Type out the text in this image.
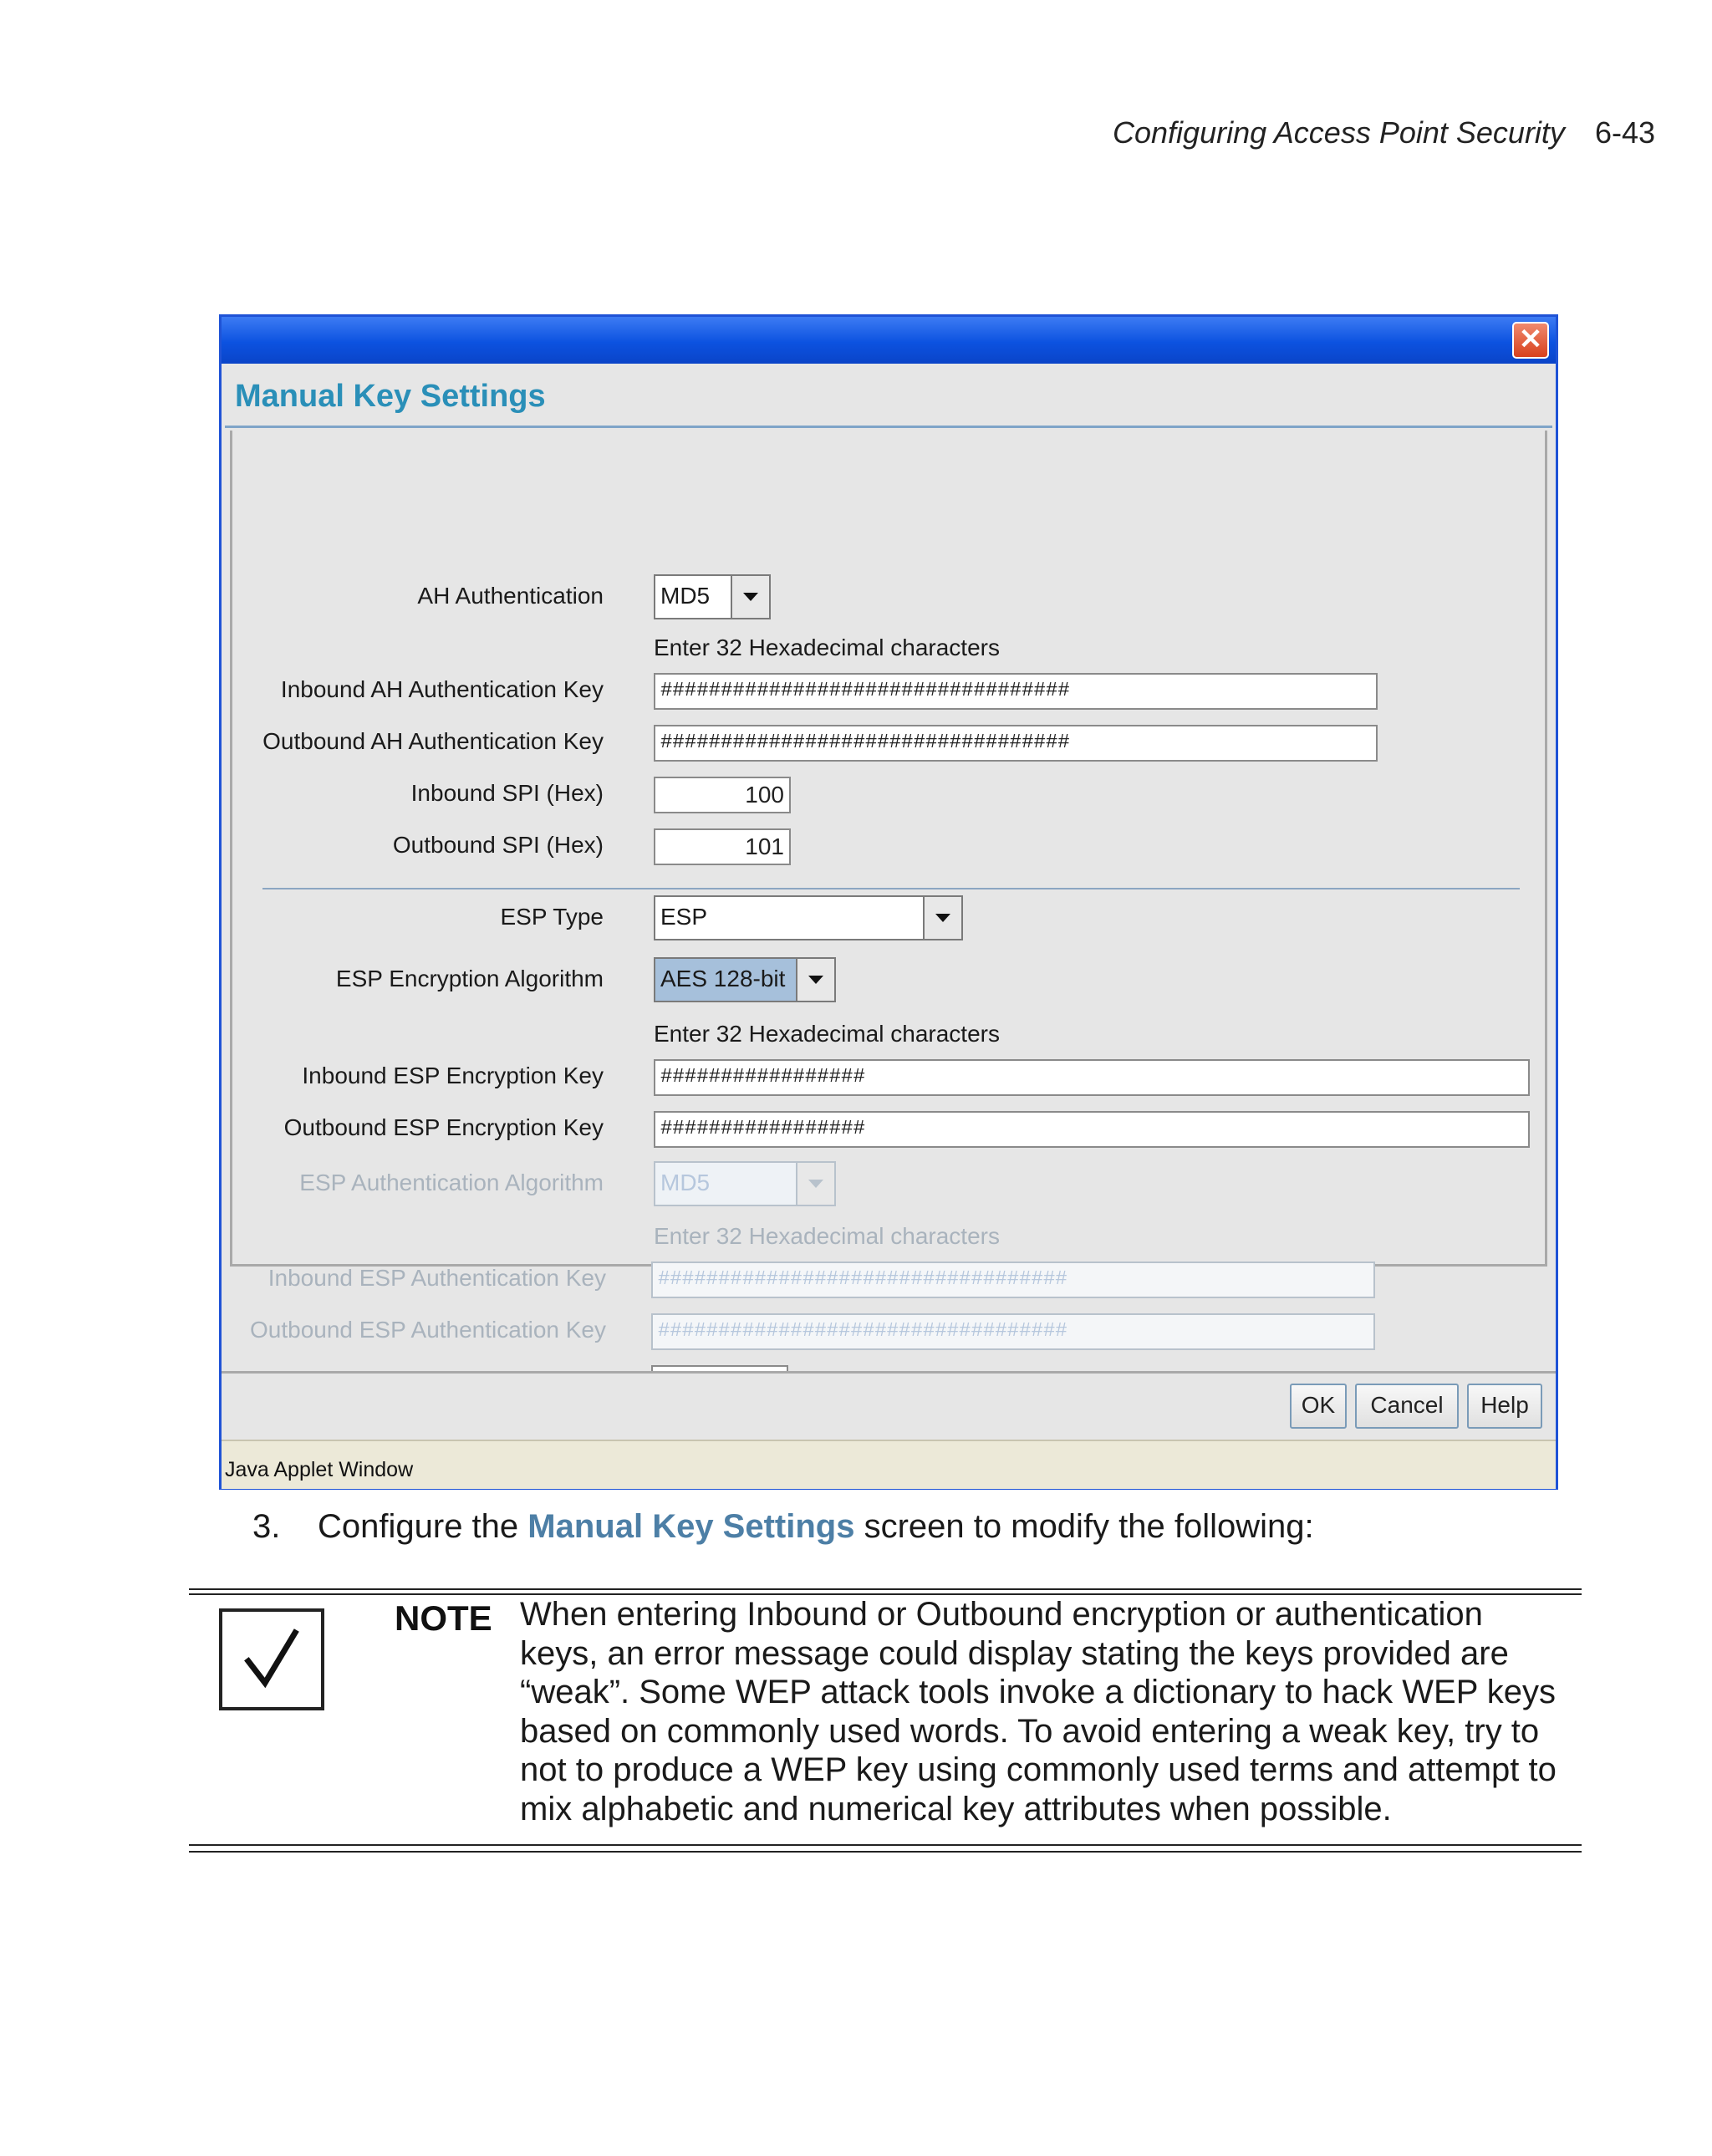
Configuring Access Point Security 6-43
✕
Manual Key Settings
AH Authentication MD5
Enter 32 Hexadecimal characters
Inbound AH Authentication Key	##################################
Outbound AH Authentication Key	##################################
Inbound SPI (Hex)	100
Outbound SPI (Hex)	101
ESP Type ESP
ESP Encryption Algorithm AES 128-bit
Enter 32 Hexadecimal characters
Inbound ESP Encryption Key	#################
Outbound ESP Encryption Key	#################
ESP Authentication Algorithm MD5
Enter 32 Hexadecimal characters
Inbound ESP Authentication Key	##################################
Outbound ESP Authentication Key	##################################
OK	Cancel	Help
Java Applet Window
3. Configure the Manual Key Settings screen to modify the following:
NOTE When entering Inbound or Outbound encryption or authentication keys, an error message could display stating the keys provided are “weak”. Some WEP attack tools invoke a dictionary to hack WEP keys based on commonly used words. To avoid entering a weak key, try to not to produce a WEP key using commonly used terms and attempt to mix alphabetic and numerical key attributes when possible.
